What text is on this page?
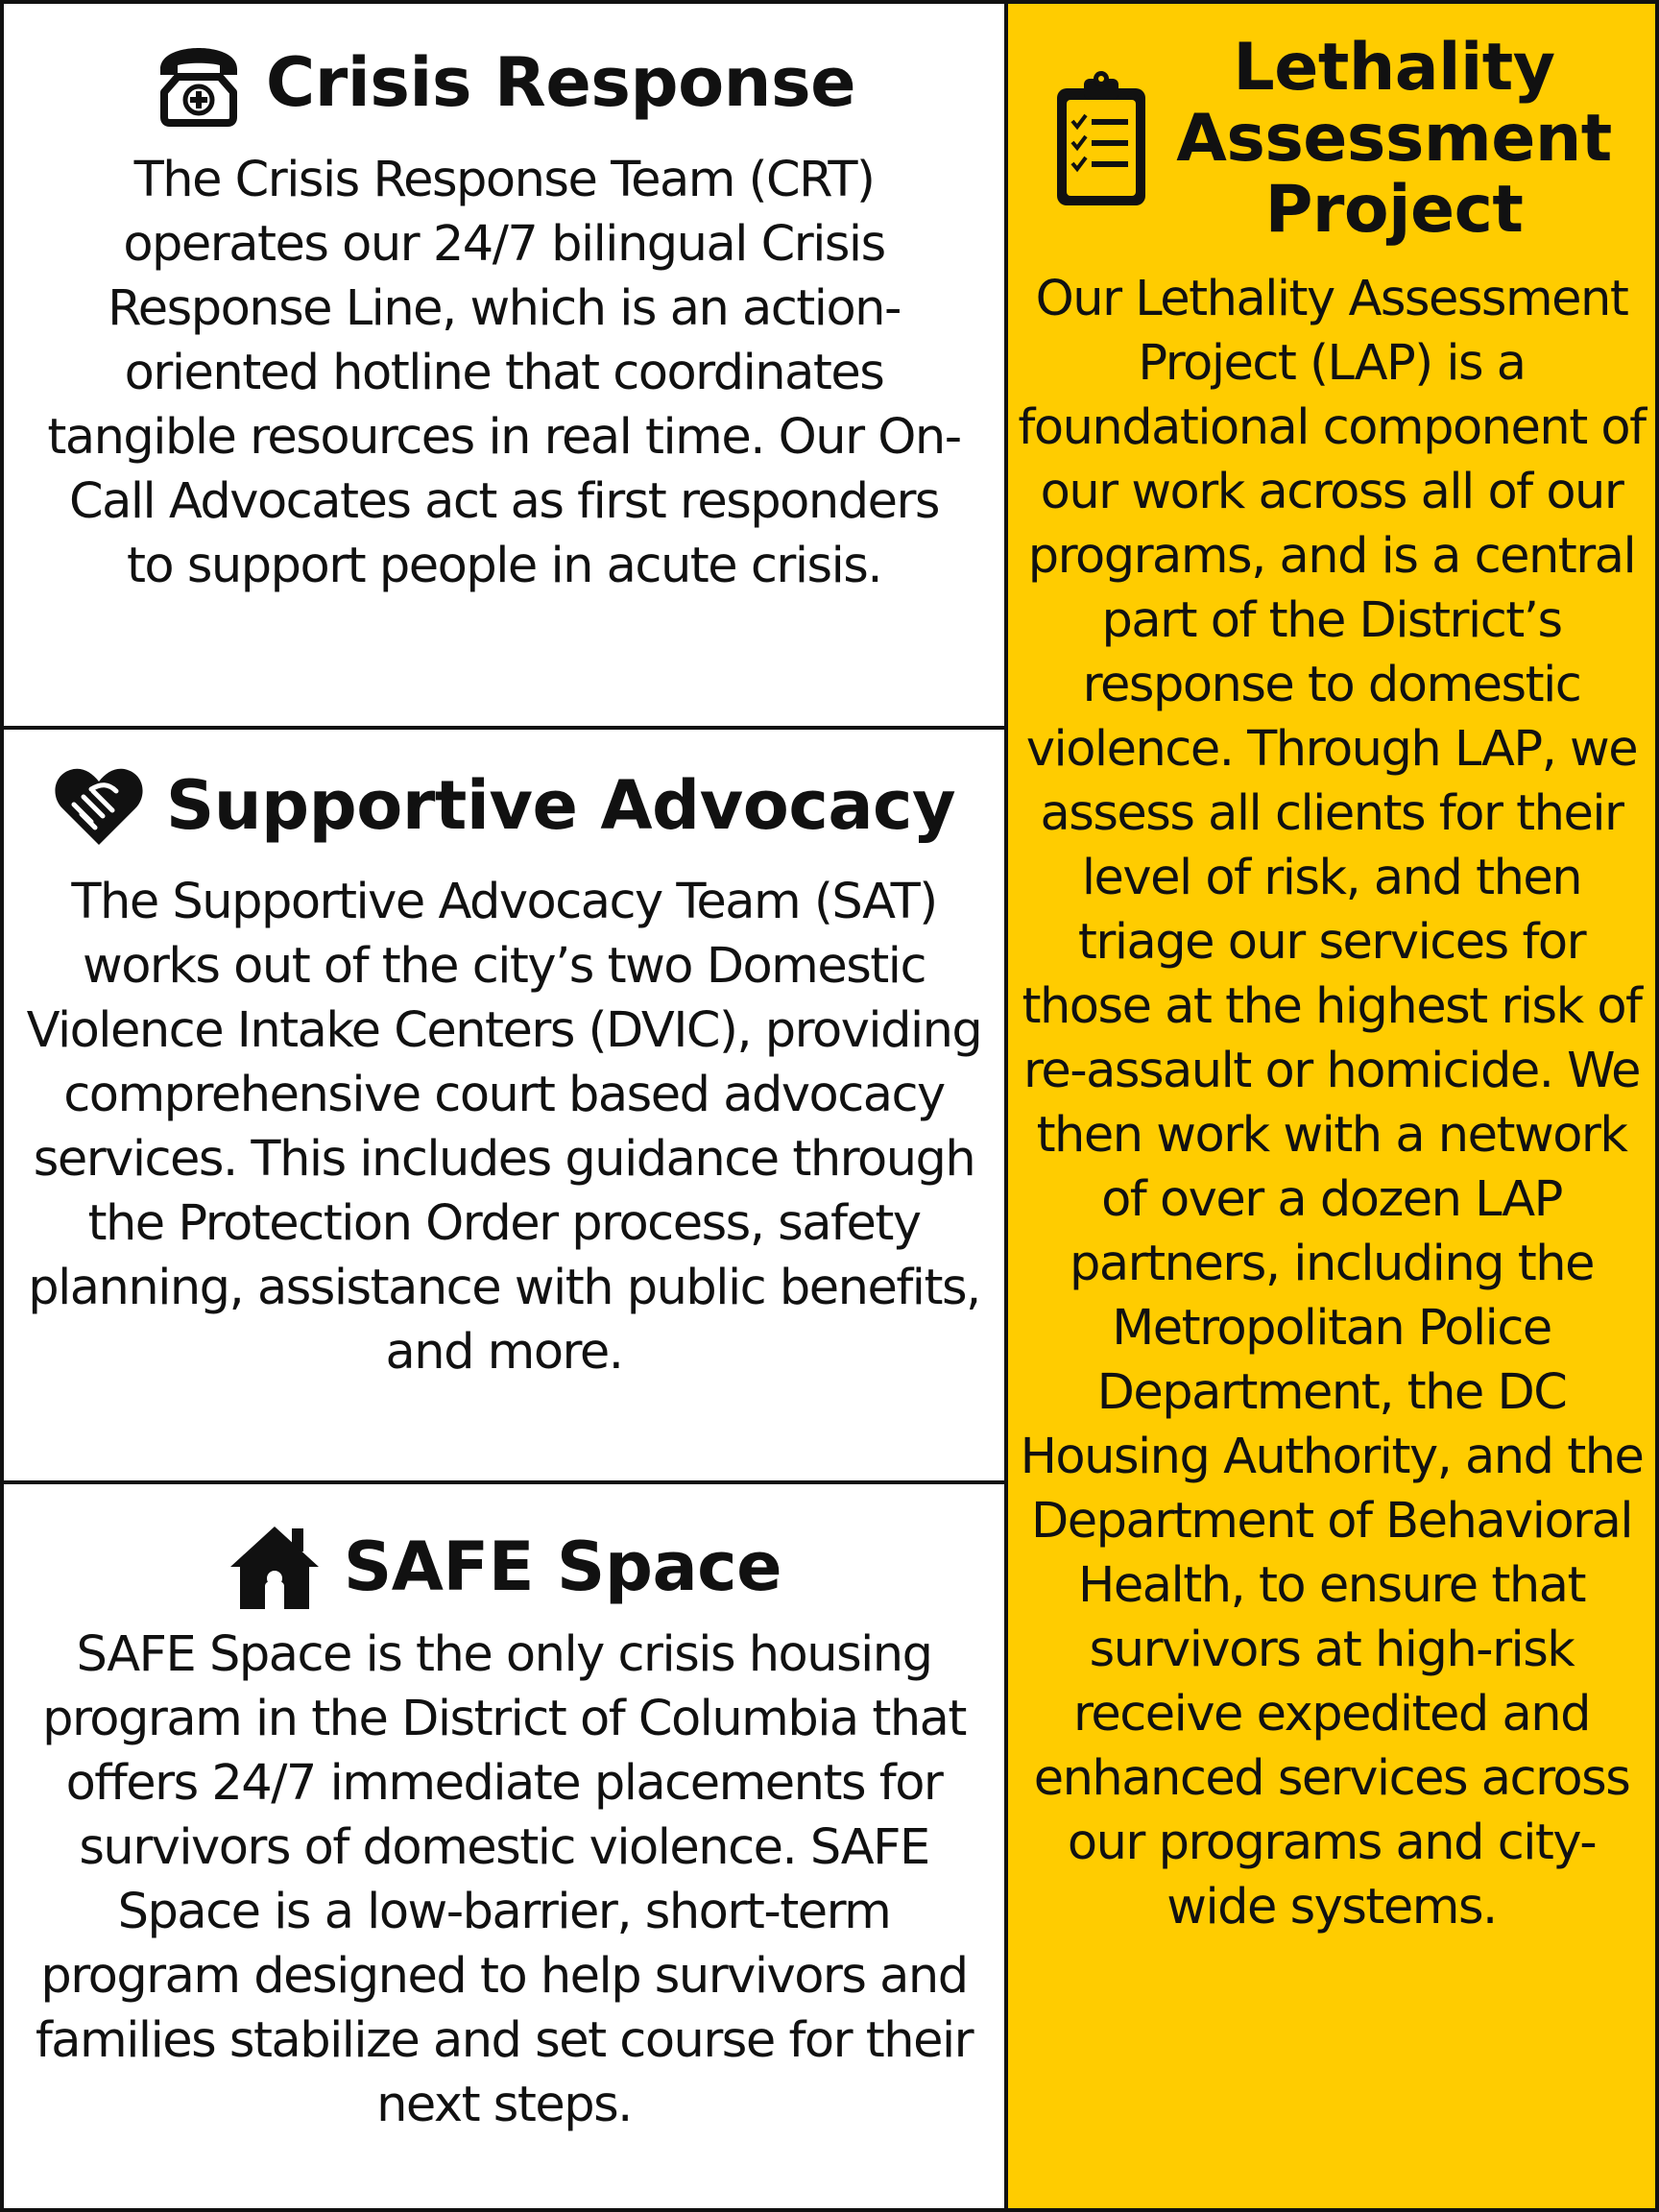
Crisis Response
The Crisis Response Team (CRT) operates our 24/7 bilingual Crisis Response Line, which is an action-oriented hotline that coordinates tangible resources in real time. Our On-Call Advocates act as first responders to support people in acute crisis.
Supportive Advocacy
The Supportive Advocacy Team (SAT) works out of the city’s two Domestic Violence Intake Centers (DVIC), providing comprehensive court based advocacy services. This includes guidance through the Protection Order process, safety planning, assistance with public benefits, and more.
SAFE Space
SAFE Space is the only crisis housing program in the District of Columbia that offers 24/7 immediate placements for survivors of domestic violence. SAFE Space is a low-barrier, short-term program designed to help survivors and families stabilize and set course for their next steps.
Lethality
Assessment
Project
Our Lethality Assessment Project (LAP) is a foundational component of our work across all of our programs, and is a central part of the District’s response to domestic violence. Through LAP, we assess all clients for their level of risk, and then triage our services for those at the highest risk of re-assault or homicide. We then work with a network of over a dozen LAP partners, including the Metropolitan Police Department, the DC Housing Authority, and the Department of Behavioral Health, to ensure that survivors at high-risk receive expedited and enhanced services across our programs and city-wide systems.
